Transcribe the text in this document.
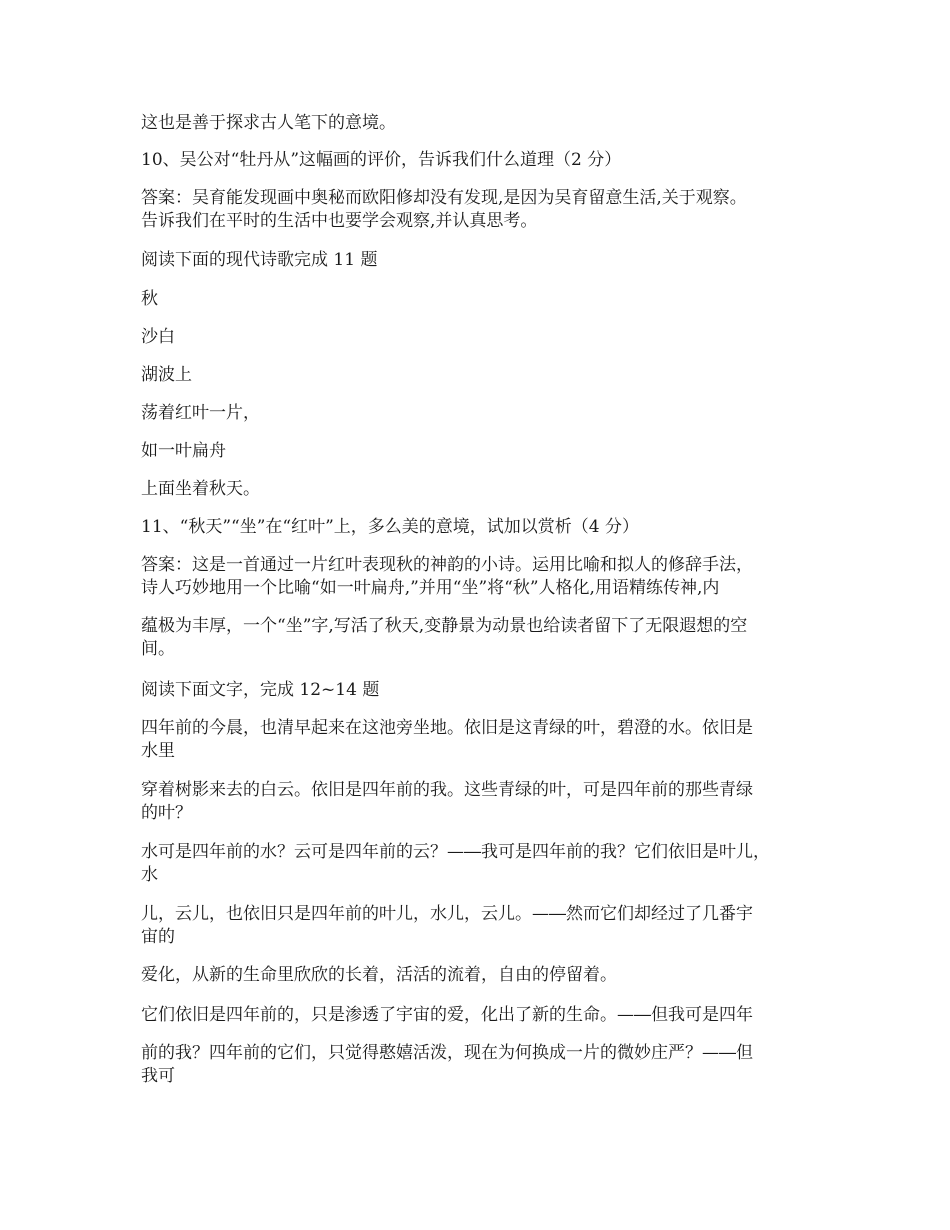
这也是善于探求古人笔下的意境。

10、吴公对“牡丹从”这幅画的评价，告诉我们什么道理（2 分）

答案：吴育能发现画中奥秘而欧阳修却没有发现,是因为吴育留意生活,关于观察。
告诉我们在平时的生活中也要学会观察,并认真思考。

阅读下面的现代诗歌完成 11 题

秋

沙白

湖波上

荡着红叶一片，

如一叶扁舟

上面坐着秋天。

11、“秋天”“坐”在“红叶”上，多么美的意境，试加以赏析（4 分）

答案：这是一首通过一片红叶表现秋的神韵的小诗。运用比喻和拟人的修辞手法，
诗人巧妙地用一个比喻“如一叶扁舟,”并用“坐”将“秋”人格化,用语精练传神,内

蕴极为丰厚，一个“坐”字,写活了秋天,变静景为动景也给读者留下了无限遐想的空
间。

阅读下面文字，完成 12~14 题

四年前的今晨，也清早起来在这池旁坐地。依旧是这青绿的叶，碧澄的水。依旧是
水里

穿着树影来去的白云。依旧是四年前的我。这些青绿的叶，可是四年前的那些青绿
的叶？

水可是四年前的水？云可是四年前的云？—―我可是四年前的我？它们依旧是叶儿，
水

儿，云儿，也依旧只是四年前的叶儿，水儿，云儿。—―然而它们却经过了几番宇
宙的

爱化，从新的生命里欣欣的长着，活活的流着，自由的停留着。

它们依旧是四年前的，只是渗透了宇宙的爱，化出了新的生命。—―但我可是四年

前的我？四年前的它们，只觉得憨嬉活泼，现在为何换成一片的微妙庄严？—―但
我可
